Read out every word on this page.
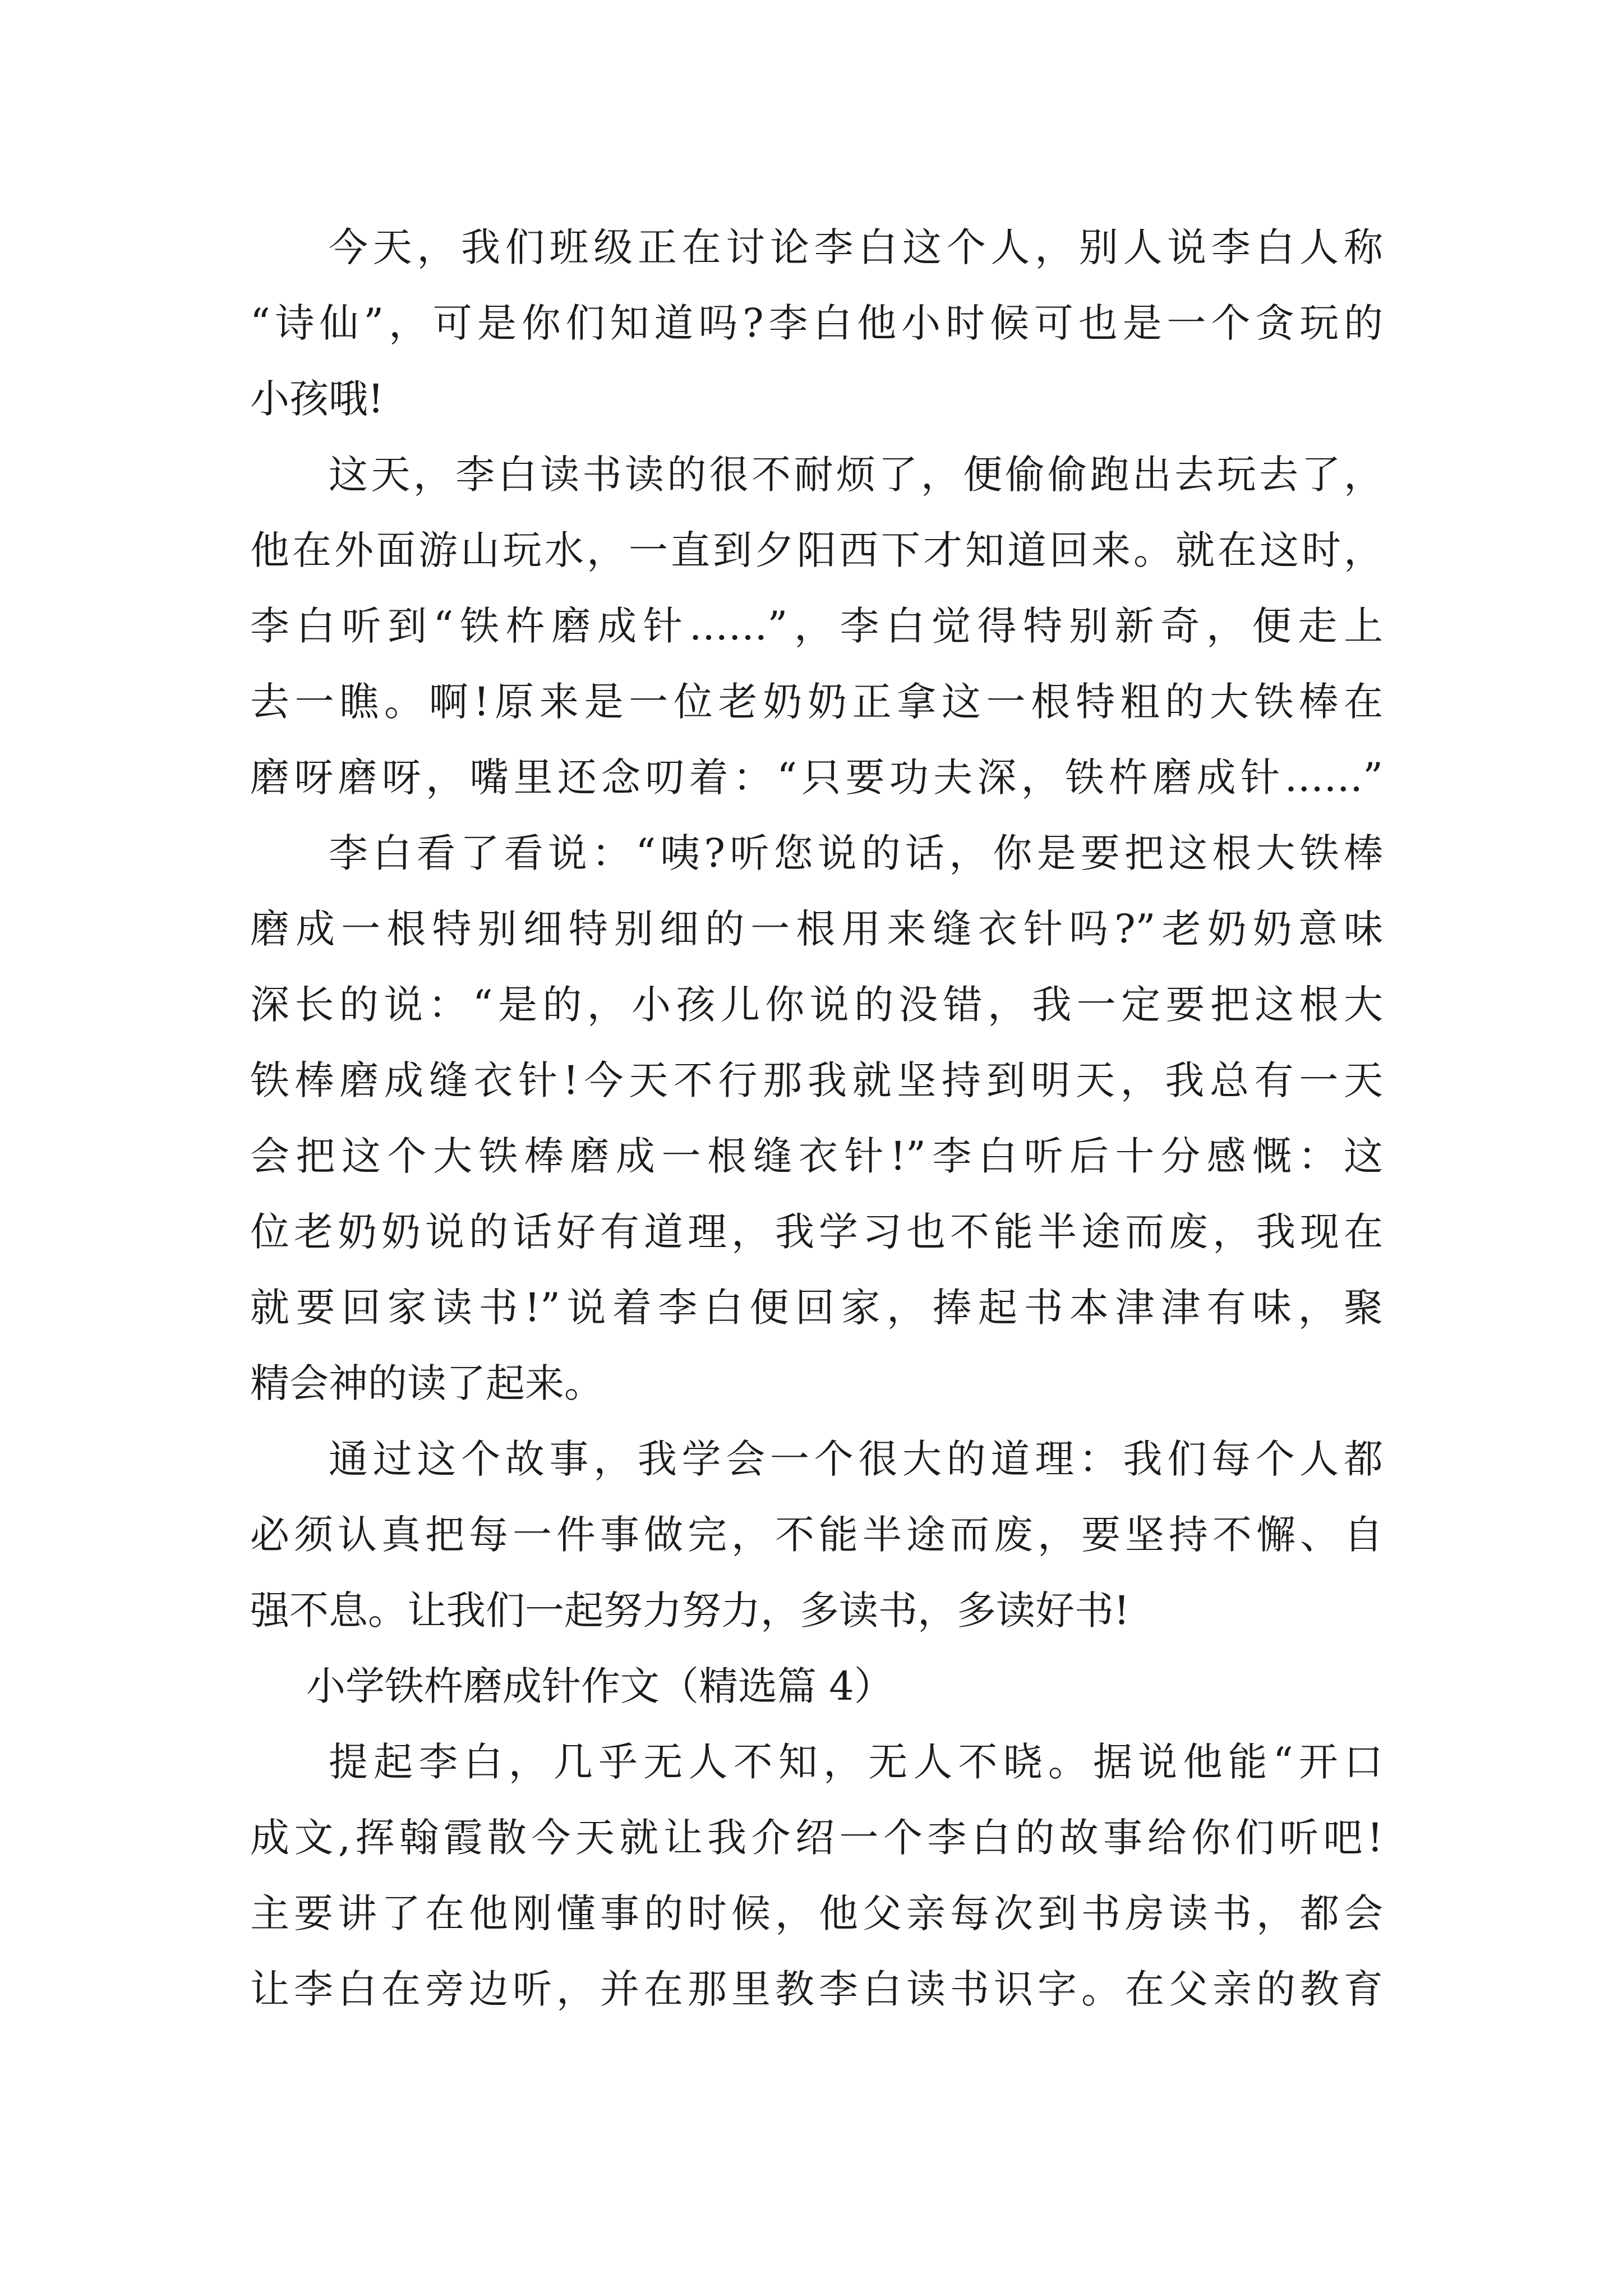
今天，我们班级正在讨论李白这个人，别人说李白人称
“诗仙”，可是你们知道吗?李白他小时候可也是一个贪玩的
小孩哦!
这天，李白读书读的很不耐烦了，便偷偷跑出去玩去了，
他在外面游山玩水，一直到夕阳西下才知道回来。就在这时，
李白听到“铁杵磨成针……”，李白觉得特别新奇，便走上
去一瞧。啊!原来是一位老奶奶正拿这一根特粗的大铁棒在
磨呀磨呀，嘴里还念叨着：“只要功夫深，铁杵磨成针……”
李白看了看说：“咦?听您说的话，你是要把这根大铁棒
磨成一根特别细特别细的一根用来缝衣针吗?”老奶奶意味
深长的说：“是的，小孩儿你说的没错，我一定要把这根大
铁棒磨成缝衣针!今天不行那我就坚持到明天，我总有一天
会把这个大铁棒磨成一根缝衣针!”李白听后十分感慨：这
位老奶奶说的话好有道理，我学习也不能半途而废，我现在
就要回家读书!”说着李白便回家，捧起书本津津有味，聚
精会神的读了起来。
通过这个故事，我学会一个很大的道理：我们每个人都
必须认真把每一件事做完，不能半途而废，要坚持不懈、自
强不息。让我们一起努力努力，多读书，多读好书!
小学铁杵磨成针作文（精选篇 4）
提起李白，几乎无人不知，无人不晓。据说他能“开口
成文,挥翰霞散今天就让我介绍一个李白的故事给你们听吧!
主要讲了在他刚懂事的时候，他父亲每次到书房读书，都会
让李白在旁边听，并在那里教李白读书识字。在父亲的教育
